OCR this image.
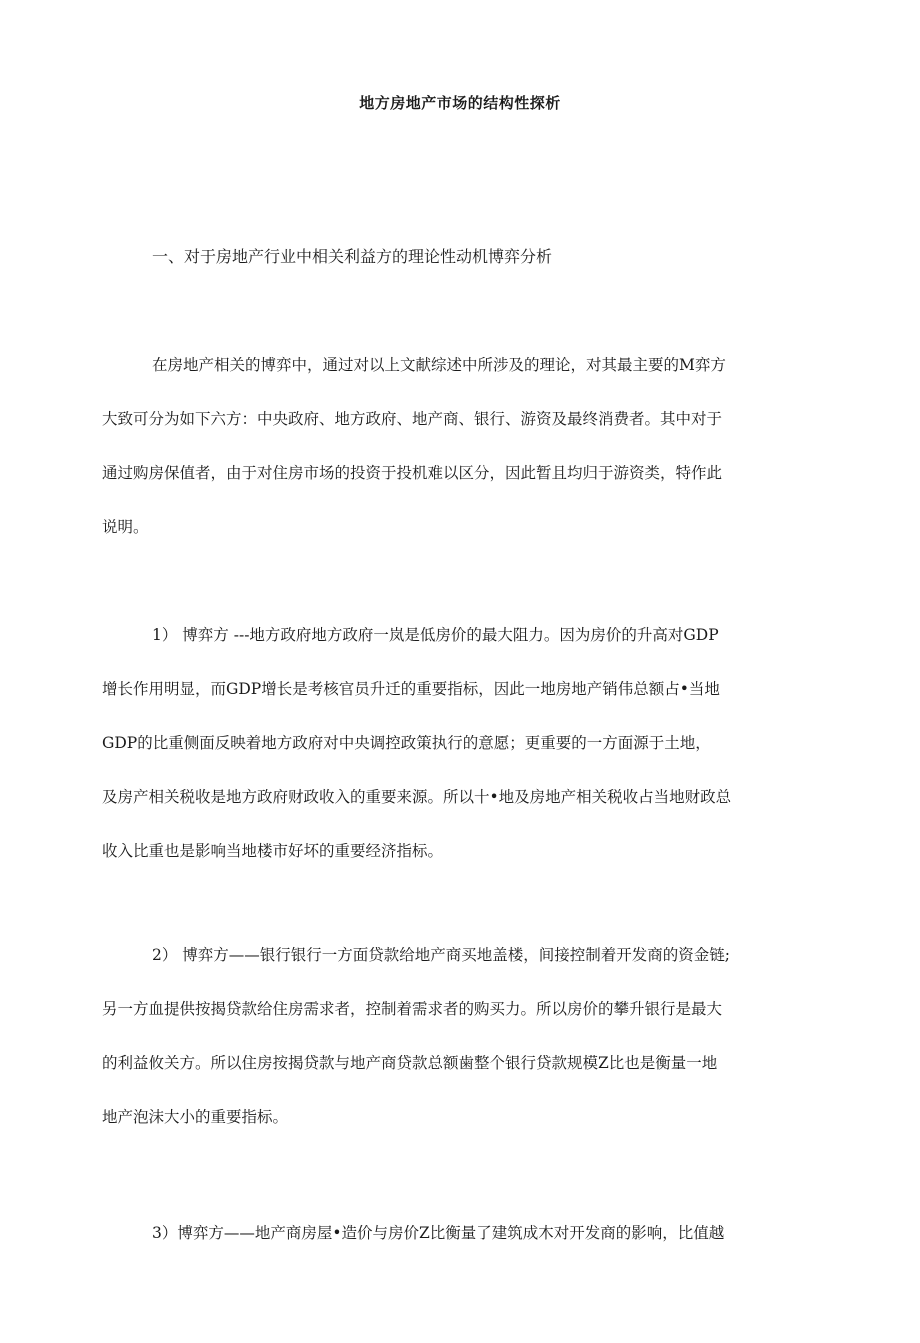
地方房地产市场的结构性探析
一、对于房地产行业中相关利益方的理论性动机博弈分析
在房地产相关的博弈中，通过对以上文献综述中所涉及的理论，对其最主要的M弈方
大致可分为如下六方：中央政府、地方政府、地产商、银行、游资及最终消费者。其中对于
通过购房保值者，由于对住房市场的投资于投机难以区分，因此暂且均归于游资类，特作此
说明。
1） 博弈方 ---地方政府地方政府一岚是低房价的最大阻力。因为房价的升高对GDP
增长作用明显，而GDP增长是考核官员升迁的重要指标，因此一地房地产销伟总额占•当地
GDP的比重侧面反映着地方政府对中央调控政策执行的意愿；更重要的一方面源于土地，
及房产相关税收是地方政府财政收入的重要来源。所以十•地及房地产相关税收占当地财政总
收入比重也是影响当地楼市好坏的重要经济指标。
2） 博弈方——银行银行一方面贷款给地产商买地盖楼，间接控制着开发商的资金链;
另一方血提供按揭贷款给住房需求者，控制着需求者的购买力。所以房价的攀升银行是最大
的利益攸关方。所以住房按揭贷款与地产商贷款总额歯整个银行贷款规模Z比也是衡量一地
地产泡沫大小的重要指标。
3）博弈方——地产商房屋•造价与房价Z比衡量了建筑成木对开发商的影响，比值越
